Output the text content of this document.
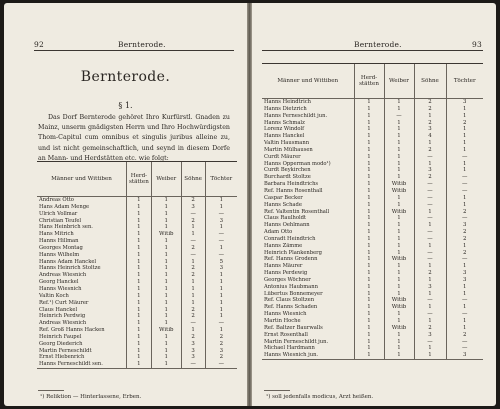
92	Bernterode.
Bernterode.
§ 1.
Das Dorf Bernterode gehöret Ihro Kurfürstl. Gnaden zu Mainz, unserm gnädigsten Herrn und Ihro Hochwürdigsten Thom-Capitul cum omnibus et singulis juribus alleine zu, und ist nicht gemeinschaftlich, und seynd in diesem Dorfe an Mann- und Herdstätten etc. wie folgt:
Männer und Wittiben	Herd-stätten	Weiber	Söhne	Töchter
Andreas Otto	1	1	2	1
Hans Adam Menge	1	1	3	1
Ulrich Vollmar	1	1	—	—
Christian Teufel	1	1	2	3
Hans Heinbrich sen.	1	1	1	1
Hans Mitrich	1	Witib	1	—
Hanns Hillman	1	1	—	—
Georges Montag	1	1	2	1
Hanns Wilhelm	1	1	—	—
Hanns Adam Hanckel	1	1	1	5
Hanns Heinrich Stoltze	1	1	2	3
Andreas Wiesnich	1	1	2	1
Georg Hanckel	1	1	1	1
Hanns Wiesnich	1	1	1	1
Valtin Koch	1	1	1	1
Ref.¹) Curt Mäurer	1	1	1	1
Claus Hanckel	1	1	2	1
Heinrich Perdwig	1	1	2	1
Andreas Wiesnich	1	1	—	—
Ref. Groß Hanns Hacken	1	Witib	1	1
Heinrich Faupel	1	1	2	2
Georg Diederich	1	1	3	2
Martin Ferneschildt	1	1	3	3
Ernst Hiebenrich	1	1	3	2
Hanns Ferneschildt sen.	1	1	—	—
¹) Reliktion — Hinterlassene, Erben.
Bernterode.	93
Männer und Wittiben	Herd-stätten	Weiber	Söhne	Töchter
Hanns Heindtrich	1	1	2	3
Hanns Dietzrich	1	1	2	1
Hanns Ferneschildt jun.	1	—	1	1
Hanns Schmalz	1	1	2	2
Lorenz Windolf	1	1	3	1
Hanns Hanckel	1	1	4	1
Valtin Hausmann	1	1	1	1
Martin Mülhausen	1	1	2	1
Curdt Mäurer	1	1	—	—
Hanns Opperman modo¹)	1	1	1	1
Curdt Beykirchen	1	1	3	1
Burchardt Stoltze	1	1	2	—
Barbara Heindtrichs	1	Witib	—	—
Ref. Hanns Rosenthall	1	Witib	—	—
Caspar Becker	1	1	—	1
Hanns Schade	1	1	—	1
Ref. Valtentin Rosenthall	1	Witib	1	2
Claus Raulholdt	1	1	—	—
Hanns Oehlmann	1	1	1	3
Adam Otto	1	1	—	2
Conradt Heindtrich	1	1	—	2
Hanns Zämme	1	1	1	1
Heinrich Plankenberg	1	1	—	2
Ref. Hanns Grodenn	1	Witib	—	—
Hanns Mäurer	1	1	1	1
Hanns Perdewig	1	1	2	3
Georges Wöchner	1	1	1	3
Antonius Haubmann	1	1	3	1
Lübertus Bonnemeyer	1	1	1	1
Ref. Claus Stoltzen	1	Witib	—	—
Ref. Hanns Schaden	1	Witib	1	1
Hanns Wiesnich	1	1	—	—
Martin Hoche	1	1	1	1
Ref. Baltzer Baurwalls	1	Witib	2	1
Ernst Rosenthall	1	1	3	2
Martin Ferneschildt jun.	1	1	—	—
Michael Hardmann	1	1	1	—
Hanns Wiesnich jun.	1	1	1	3
¹) soll jedenfalls modicus, Arzt heißen.
